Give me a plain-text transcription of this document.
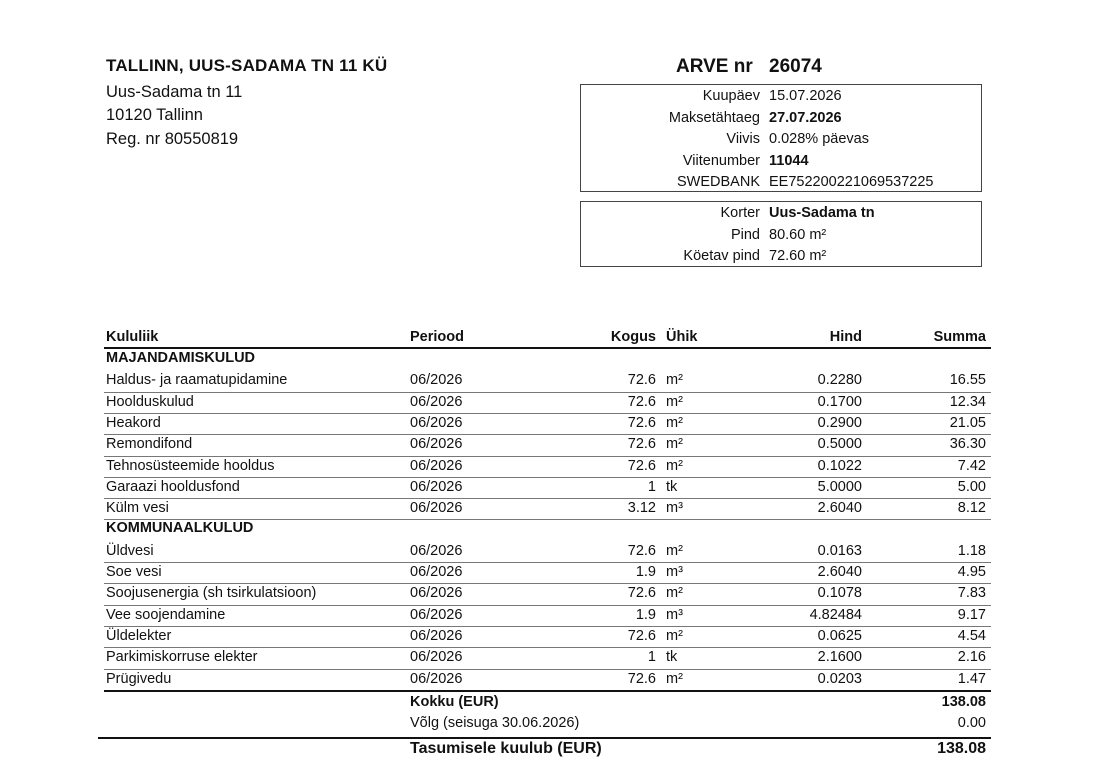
TALLINN, UUS-SADAMA TN 11 KÜ
Uus-Sadama tn 11
10120 Tallinn
Reg. nr 80550819
ARVE nr 26074
Kuupäev 15.07.2026
Maksetähtaeg 27.07.2026
Viivis 0.028% päevas
Viitenumber 11044
SWEDBANK EE752200221069537225
Korter Uus-Sadama tn
Pind 80.60 m²
Köetav pind 72.60 m²
Kululiik	Periood	Kogus Ühik	Hind	Summa
MAJANDAMISKULUD
Haldus- ja raamatupidamine	06/2026	72.6 m²	0.2280	16.55
Hoolduskulud	06/2026	72.6 m²	0.1700	12.34
Heakord	06/2026	72.6 m²	0.2900	21.05
Remondifond	06/2026	72.6 m²	0.5000	36.30
Tehnosüsteemide hooldus	06/2026	72.6 m²	0.1022	7.42
Garaazi hooldusfond	06/2026	1 tk	5.0000	5.00
Külm vesi	06/2026	3.12 m³	2.6040	8.12
KOMMUNAALKULUD
Üldvesi	06/2026	72.6 m²	0.0163	1.18
Soe vesi	06/2026	1.9 m³	2.6040	4.95
Soojusenergia (sh tsirkulatsioon)	06/2026	72.6 m²	0.1078	7.83
Vee soojendamine	06/2026	1.9 m³	4.82484	9.17
Üldelekter	06/2026	72.6 m²	0.0625	4.54
Parkimiskorruse elekter	06/2026	1 tk	2.1600	2.16
Prügivedu	06/2026	72.6 m²	0.0203	1.47
Kokku (EUR)	138.08
Võlg (seisuga 30.06.2026)	0.00
Tasumisele kuulub (EUR)	138.08
